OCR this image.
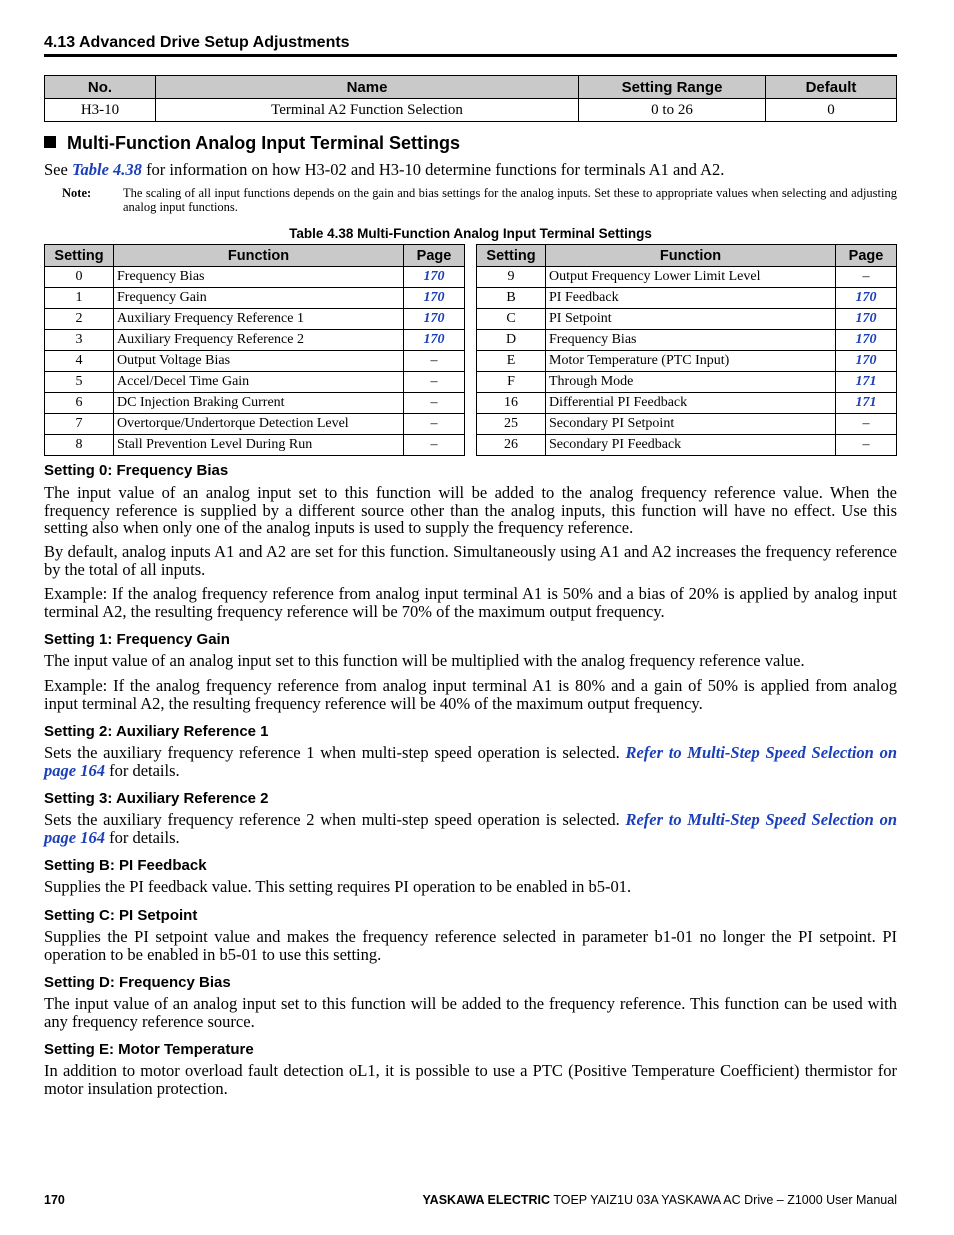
4.13 Advanced Drive Setup Adjustments
No.	Name	Setting Range	Default
H3-10	Terminal A2 Function Selection	0 to 26	0
Multi-Function Analog Input Terminal Settings
See Table 4.38 for information on how H3-02 and H3-10 determine functions for terminals A1 and A2.
Note:	The scaling of all input functions depends on the gain and bias settings for the analog inputs. Set these to appropriate values when selecting and adjusting analog input functions.
Table 4.38 Multi-Function Analog Input Terminal Settings
Setting	Function	Page
0	Frequency Bias	170
1	Frequency Gain	170
2	Auxiliary Frequency Reference 1	170
3	Auxiliary Frequency Reference 2	170
4	Output Voltage Bias	–
5	Accel/Decel Time Gain	–
6	DC Injection Braking Current	–
7	Overtorque/Undertorque Detection Level	–
8	Stall Prevention Level During Run	–
Setting	Function	Page
9	Output Frequency Lower Limit Level	–
B	PI Feedback	170
C	PI Setpoint	170
D	Frequency Bias	170
E	Motor Temperature (PTC Input)	170
F	Through Mode	171
16	Differential PI Feedback	171
25	Secondary PI Setpoint	–
26	Secondary PI Feedback	–
Setting 0: Frequency Bias
The input value of an analog input set to this function will be added to the analog frequency reference value. When the frequency reference is supplied by a different source other than the analog inputs, this function will have no effect. Use this setting also when only one of the analog inputs is used to supply the frequency reference.
By default, analog inputs A1 and A2 are set for this function. Simultaneously using A1 and A2 increases the frequency reference by the total of all inputs.
Example: If the analog frequency reference from analog input terminal A1 is 50% and a bias of 20% is applied by analog input terminal A2, the resulting frequency reference will be 70% of the maximum output frequency.
Setting 1: Frequency Gain
The input value of an analog input set to this function will be multiplied with the analog frequency reference value.
Example: If the analog frequency reference from analog input terminal A1 is 80% and a gain of 50% is applied from analog input terminal A2, the resulting frequency reference will be 40% of the maximum output frequency.
Setting 2: Auxiliary Reference 1
Sets the auxiliary frequency reference 1 when multi-step speed operation is selected. Refer to Multi-Step Speed Selection on page 164 for details.
Setting 3: Auxiliary Reference 2
Sets the auxiliary frequency reference 2 when multi-step speed operation is selected. Refer to Multi-Step Speed Selection on page 164 for details.
Setting B: PI Feedback
Supplies the PI feedback value. This setting requires PI operation to be enabled in b5-01.
Setting C: PI Setpoint
Supplies the PI setpoint value and makes the frequency reference selected in parameter b1-01 no longer the PI setpoint. PI operation to be enabled in b5-01 to use this setting.
Setting D: Frequency Bias
The input value of an analog input set to this function will be added to the frequency reference. This function can be used with any frequency reference source.
Setting E: Motor Temperature
In addition to motor overload fault detection oL1, it is possible to use a PTC (Positive Temperature Coefficient) thermistor for motor insulation protection.
170	YASKAWA ELECTRIC TOEP YAIZ1U 03A YASKAWA AC Drive – Z1000 User Manual
